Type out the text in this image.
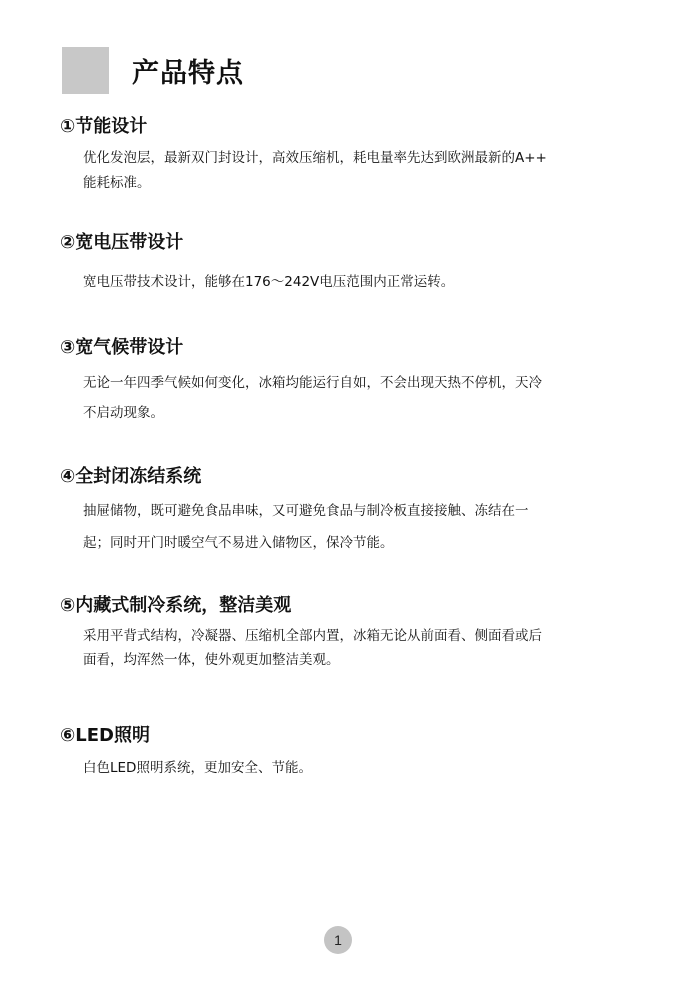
产品特点
①节能设计
优化发泡层，最新双门封设计，高效压缩机，耗电量率先达到欧洲最新的A++
能耗标准。
②宽电压带设计
宽电压带技术设计，能够在176～242V电压范围内正常运转。
③宽气候带设计
无论一年四季气候如何变化，冰箱均能运行自如，不会出现天热不停机，天冷
不启动现象。
④全封闭冻结系统
抽屉储物，既可避免食品串味，又可避免食品与制冷板直接接触、冻结在一
起；同时开门时暖空气不易进入储物区，保冷节能。
⑤内藏式制冷系统，整洁美观
采用平背式结构，冷凝器、压缩机全部内置，冰箱无论从前面看、侧面看或后
面看，均浑然一体，使外观更加整洁美观。
⑥LED照明
白色LED照明系统，更加安全、节能。
1
